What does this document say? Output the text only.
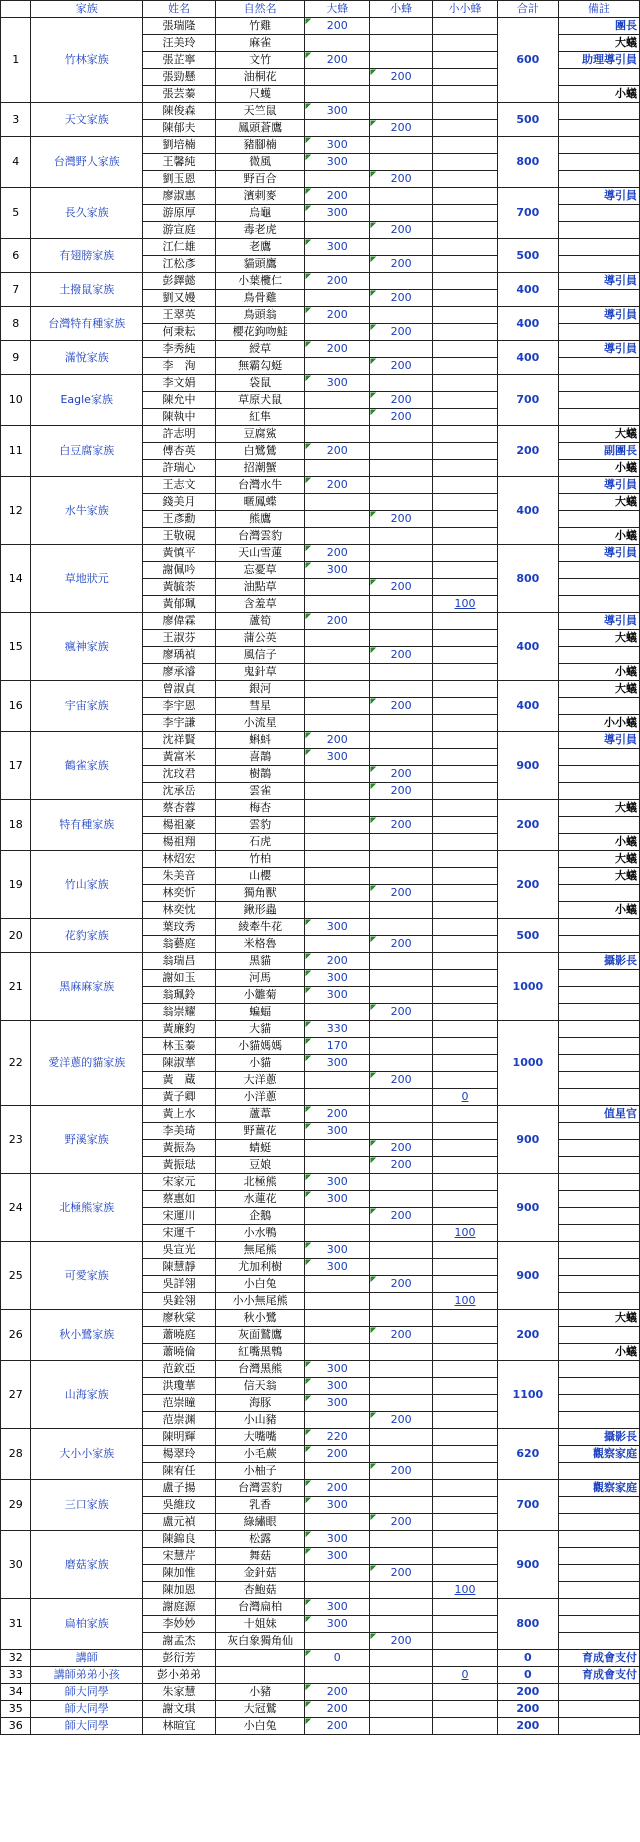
	家族	姓名	自然名	大蜂	小蜂	小小蜂	合計	備註
1	竹林家族	張瑞隆	竹雞	200			600	團長
		汪美玲	麻雀					大蟻
		張芷寧	文竹	200				助理導引員
		張勁懸	油桐花		200			
		張芸蓁	尺蠖					小蟻
3	天文家族	陳俊森	天竺鼠	300			500	
		陳郁夫	鳳頭蒼鷹		200			
4	台灣野人家族	劉培楠	豬腳楠	300			800	
		王馨純	微風	300				
		劉玉恩	野百合		200			
5	長久家族	廖淑惠	濱剌麥	200			700	導引員
		游原厚	烏龜	300				
		游宣庭	毒老虎		200			
6	有翅膀家族	江仁雄	老鷹	300			500	
		江松彥	貓頭鷹		200			
7	土撥鼠家族	彭鐸懿	小葉欖仁	200			400	導引員
		劉又嫚	鳥骨雞		200			
8	台灣特有種家族	王翠英	鳥頭翁	200			400	導引員
		何秉耘	櫻花鉤吻鮭		200			
9	滿悅家族	李秀純	綬草	200			400	導引員
		李　洵	無霸勾蜓		200			
10	Eagle家族	李文娟	袋鼠	300			700	
		陳允中	草原犬鼠		200			
		陳執中	紅隼		200			
11	白豆腐家族	許志明	豆腐鯊				200	大蟻
		傅杏英	白鷺鷥	200				副團長
		許瑞心	招潮蟹					小蟻
12	水牛家族	王志文	台灣水牛	200			400	導引員
		錢美月	暱鳳蝶					大蟻
		王彥勳	熊鷹		200			
		王敬硯	台灣雲豹					小蟻
14	草地狀元	黃慎平	天山雪蓮	200			800	導引員
		謝佩吟	忘憂草	300				
		黃毓荼	油點草		200			
		黃郁珮	含羞草			100		
15	瘋神家族	廖偉霖	蘆筍	200			400	導引員
		王淑芬	蒲公英					大蟻
		廖瑀禎	風信子		200			
		廖承濬	鬼針草					小蟻
16	宇宙家族	曾淑貞	銀河				400	大蟻
		李宇恩	彗星		200			
		李宇謙	小流星					小小蟻
17	鶴雀家族	沈祥賢	蝌蚪	200			900	導引員
		黃富米	喜鵲	300				
		沈玟君	樹鵲		200			
		沈承岳	雲雀		200			
18	特有種家族	蔡杏蓉	梅杏				200	大蟻
		楊祖豪	雲豹		200			
		楊祖翔	石虎					小蟻
19	竹山家族	林炤宏	竹柏				200	大蟻
		朱美音	山櫻					大蟻
		林奕忻	獨角獸		200			
		林奕忱	鍬形蟲					小蟻
20	花豹家族	葉玟秀	綾牽牛花	300			500	
		翁藝庭	米格魯		200			
21	黑麻麻家族	翁瑞昌	黑貓	200			1000	攝影長
		謝如玉	河馬	300				
		翁珮鈴	小雛菊	300				
		翁崇耀	蝙蝠		200			
22	愛洋蔥的貓家族	黃廉鈞	大貓	330			1000	
		林玉蓁	小貓媽媽	170				
		陳淑華	小貓	300				
		黃　蔵	大洋蔥		200			
		黃子卿	小洋蔥			0		
23	野溪家族	黃上水	蘆葦	200			900	值星官
		李美琦	野薑花	300				
		黃振為	蜻蜓		200			
		黃振琺	豆娘		200			
24	北極熊家族	宋家元	北極熊	300			900	
		蔡惠如	水蓮花	300				
		宋運川	企鵝		200			
		宋運千	小水鴨			100		
25	可愛家族	吳宣光	無尾熊	300			900	
		陳慧靜	尤加利樹	300				
		吳詳翎	小白兔		200			
		吳銓翎	小小無尾熊			100		
26	秋小鷺家族	廖秋棠	秋小鷺				200	大蟻
		蕭曉庭	灰面鷲鷹		200			
		蕭曉倫	紅嘴黑鵯					小蟻
27	山海家族	范欽亞	台灣黑熊	300			1100	
		洪瓊華	信天翁	300				
		范崇瞳	海豚	300				
		范崇渊	小山豬		200			
28	大小小家族	陳明輝	大嘴嘴	220			620	攝影長
		楊翠玲	小毛蕨	200				觀察家庭
		陳宥任	小柚子		200			
29	三口家族	盧子揚	台灣雲豹	200			700	觀察家庭
		吳維玟	乳香	300				
		盧元禎	綠繡眼		200			
30	磨菇家族	陳錦良	松露	300			900	
		宋慧芹	舞菇	300				
		陳加惟	金針菇		200			
		陳加恩	杏鮑菇			100		
31	扁柏家族	謝庭源	台灣扁柏	300			800	
		李妙妙	十姐妹	300				
		謝孟杰	灰白象獨角仙		200			
32	講師	彭衍芳		0			0	育成會支付
33	講師弟弟小孩	彭小弟弟				0	0	育成會支付
34	師大同學	朱家慧	小豬	200			200	
35	師大同學	謝文琪	大冠鷲	200			200	
36	師大同學	林暄宜	小白兔	200			200	
